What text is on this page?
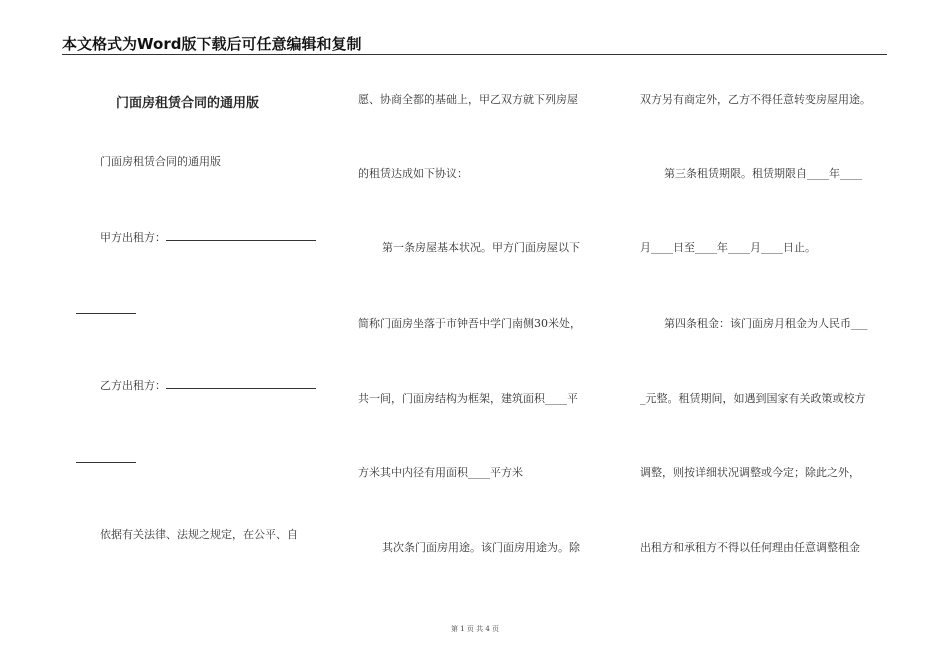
本文格式为Word版下载后可任意编辑和复制
门面房租赁合同的通用版
门面房租赁合同的通用版
甲方出租方：
乙方出租方：
依据有关法律、法规之规定，在公平、自
愿、协商全都的基础上，甲乙双方就下列房屋
的租赁达成如下协议：
第一条房屋基本状况。甲方门面房屋以下
简称门面房坐落于市钟吾中学门南侧30米处，
共一间，门面房结构为框架，建筑面积____平
方米其中内径有用面积____平方米
其次条门面房用途。该门面房用途为。除
双方另有商定外，乙方不得任意转变房屋用途。
第三条租赁期限。租赁期限自____年____
月____日至____年____月____日止。
第四条租金：该门面房月租金为人民币___
_元整。租赁期间，如遇到国家有关政策或校方
调整，则按详细状况调整或今定；除此之外，
出租方和承租方不得以任何理由任意调整租金
第 1 页 共 4 页
